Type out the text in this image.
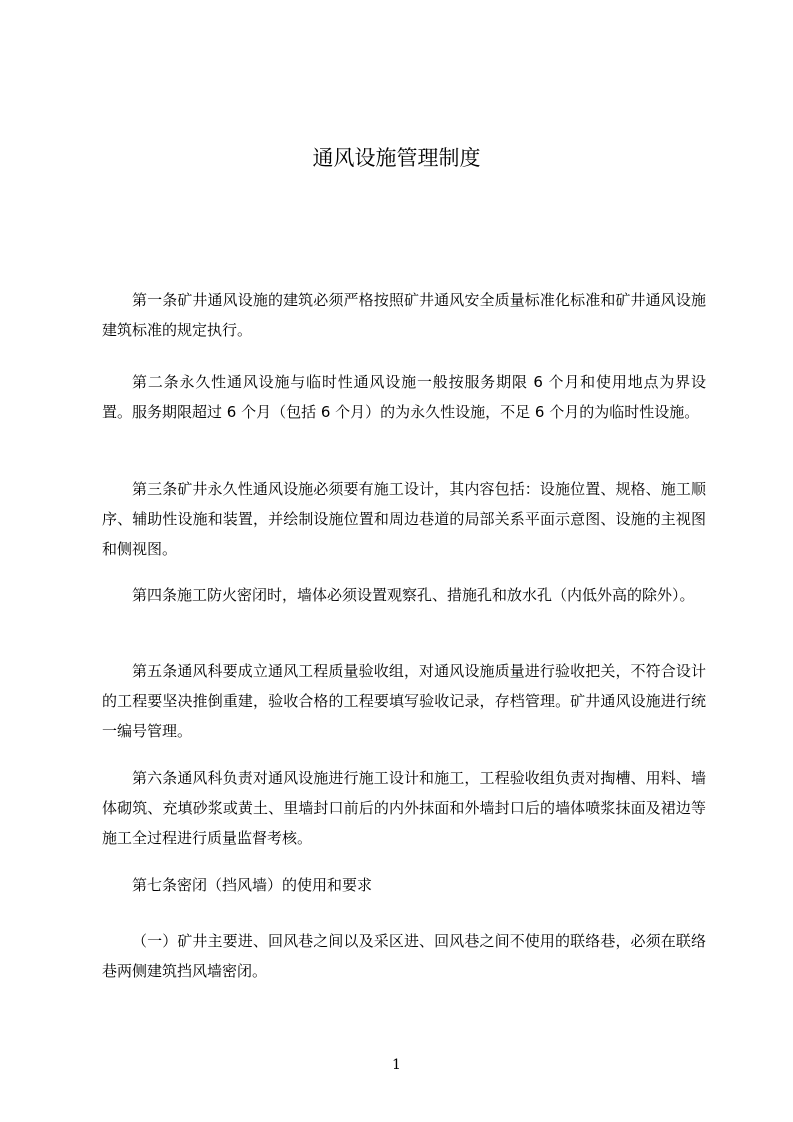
通风设施管理制度

第一条矿井通风设施的建筑必须严格按照矿井通风安全质量标准化标准和矿井通风设施建筑标准的规定执行。

第二条永久性通风设施与临时性通风设施一般按服务期限 6 个月和使用地点为界设置。服务期限超过 6 个月（包括 6 个月）的为永久性设施，不足 6 个月的为临时性设施。

第三条矿井永久性通风设施必须要有施工设计，其内容包括：设施位置、规格、施工顺序、辅助性设施和装置，并绘制设施位置和周边巷道的局部关系平面示意图、设施的主视图和侧视图。

第四条施工防火密闭时，墙体必须设置观察孔、措施孔和放水孔（内低外高的除外）。

第五条通风科要成立通风工程质量验收组，对通风设施质量进行验收把关，不符合设计的工程要坚决推倒重建，验收合格的工程要填写验收记录，存档管理。矿井通风设施进行统一编号管理。

第六条通风科负责对通风设施进行施工设计和施工，工程验收组负责对掏槽、用料、墙体砌筑、充填砂浆或黄土、里墙封口前后的内外抹面和外墙封口后的墙体喷浆抹面及裙边等施工全过程进行质量监督考核。

第七条密闭（挡风墙）的使用和要求

（一）矿井主要进、回风巷之间以及采区进、回风巷之间不使用的联络巷，必须在联络巷两侧建筑挡风墙密闭。

1
